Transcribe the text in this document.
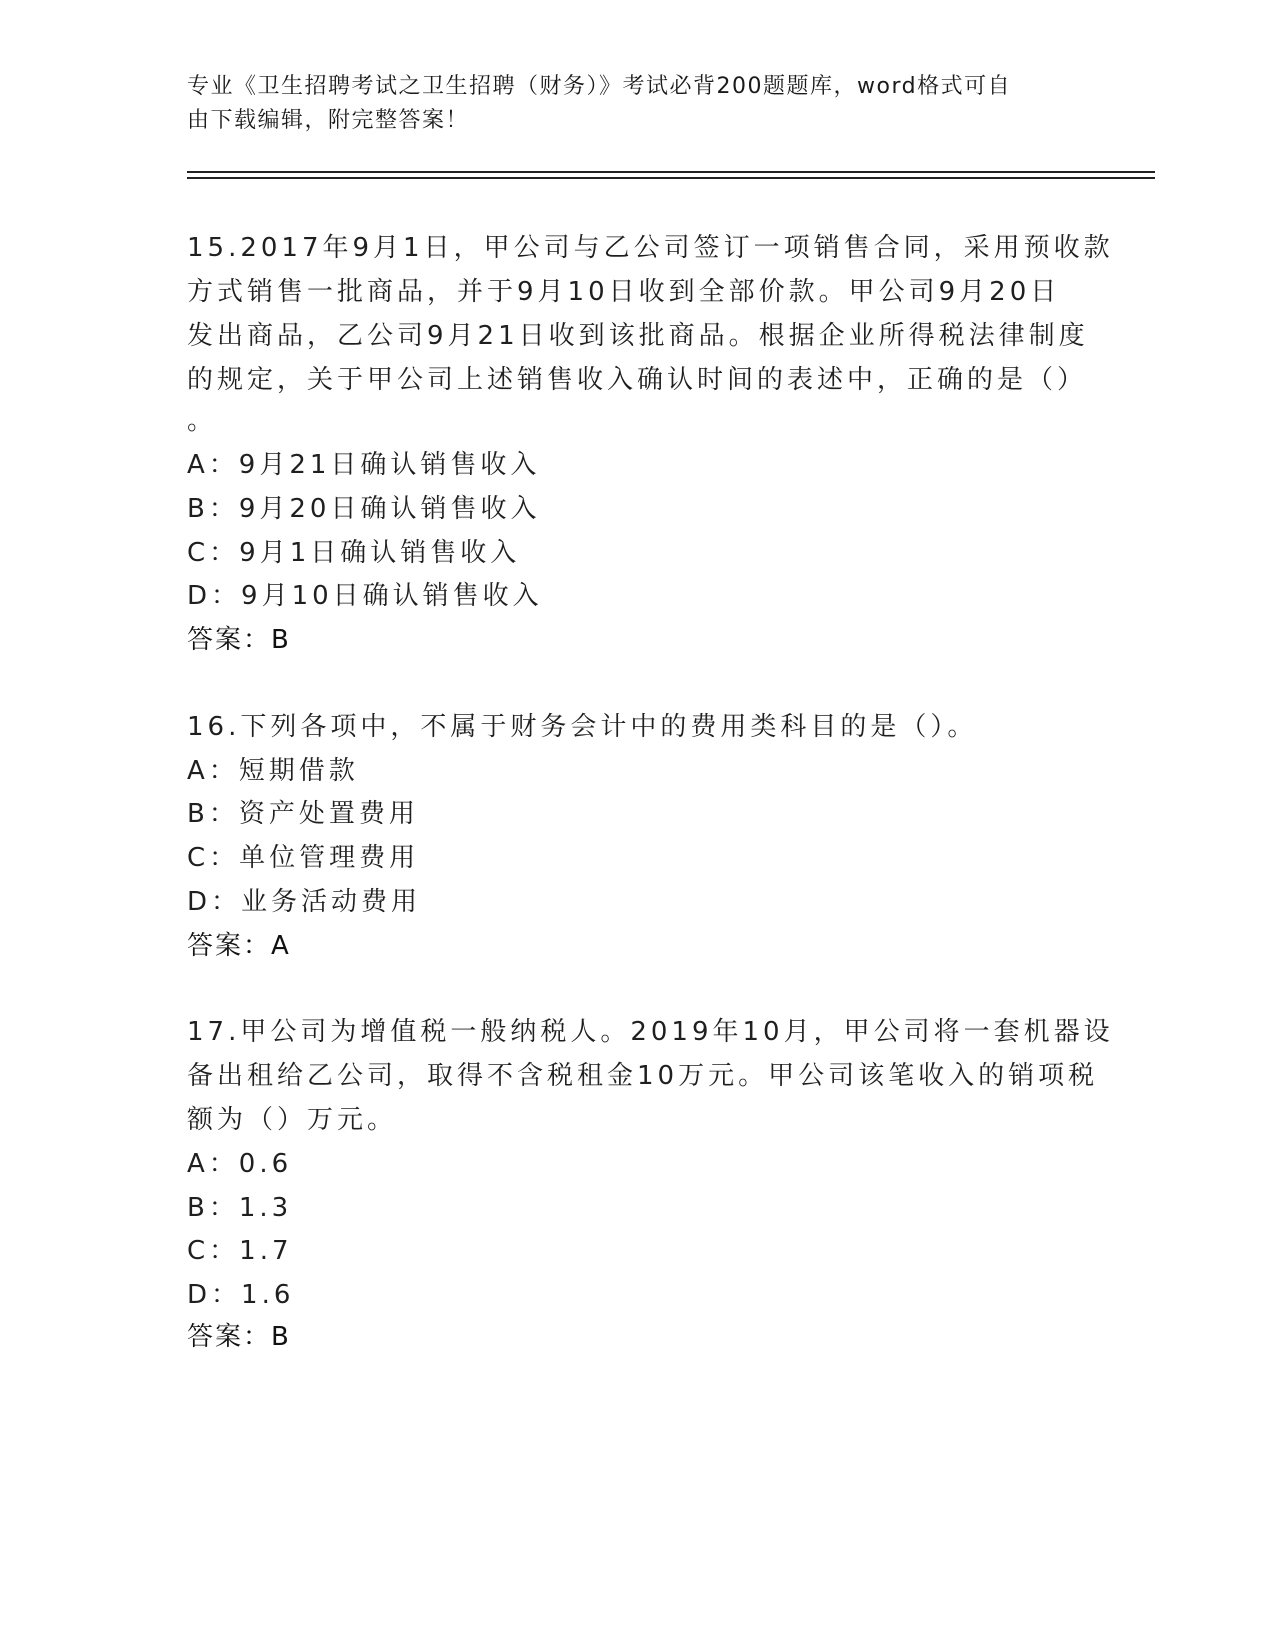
专业《卫生招聘考试之卫生招聘（财务）》考试必背200题题库，word格式可自
由下载编辑，附完整答案！
15.2017年9月1日，甲公司与乙公司签订一项销售合同，采用预收款
方式销售一批商品，并于9月10日收到全部价款。甲公司9月20日
发出商品，乙公司9月21日收到该批商品。根据企业所得税法律制度
的规定，关于甲公司上述销售收入确认时间的表述中，正确的是（）
。
A：9月21日确认销售收入
B：9月20日确认销售收入
C：9月1日确认销售收入
D：9月10日确认销售收入
答案：B
16.下列各项中，不属于财务会计中的费用类科目的是（）。
A：短期借款
B：资产处置费用
C：单位管理费用
D：业务活动费用
答案：A
17.甲公司为增值税一般纳税人。2019年10月，甲公司将一套机器设
备出租给乙公司，取得不含税租金10万元。甲公司该笔收入的销项税
额为（）万元。
A：0.6
B：1.3
C：1.7
D：1.6
答案：B
